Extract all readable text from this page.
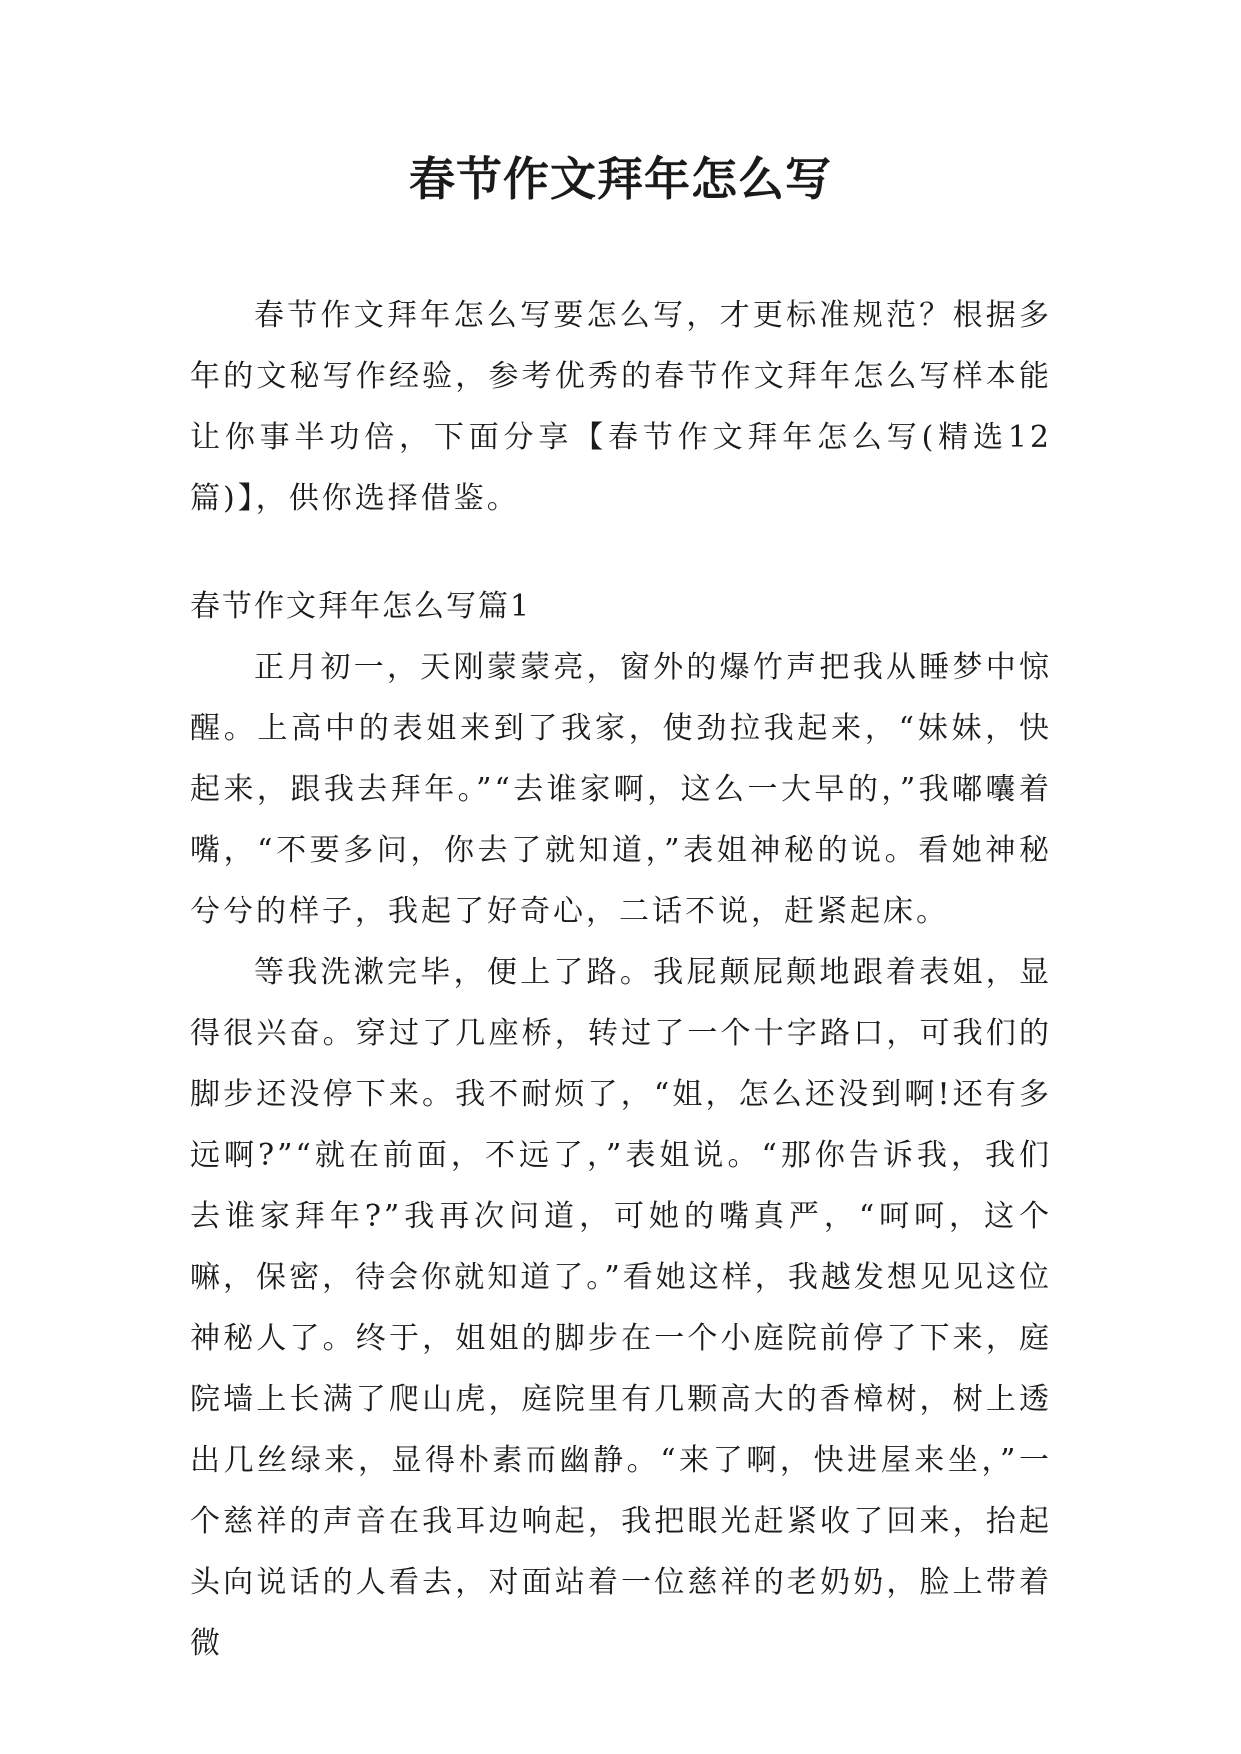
春节作文拜年怎么写

春节作文拜年怎么写要怎么写，才更标准规范？根据多年的文秘写作经验，参考优秀的春节作文拜年怎么写样本能让你事半功倍，下面分享【春节作文拜年怎么写(精选12篇)】，供你选择借鉴。

春节作文拜年怎么写篇1

正月初一，天刚蒙蒙亮，窗外的爆竹声把我从睡梦中惊醒。上高中的表姐来到了我家，使劲拉我起来，“妹妹，快起来，跟我去拜年。”“去谁家啊，这么一大早的，”我嘟囔着嘴，“不要多问，你去了就知道，”表姐神秘的说。看她神秘兮兮的样子，我起了好奇心，二话不说，赶紧起床。

等我洗漱完毕，便上了路。我屁颠屁颠地跟着表姐，显得很兴奋。穿过了几座桥，转过了一个十字路口，可我们的脚步还没停下来。我不耐烦了，“姐，怎么还没到啊!还有多远啊?”“就在前面，不远了，”表姐说。“那你告诉我，我们去谁家拜年?”我再次问道，可她的嘴真严，“呵呵，这个嘛，保密，待会你就知道了。”看她这样，我越发想见见这位神秘人了。终于，姐姐的脚步在一个小庭院前停了下来，庭院墙上长满了爬山虎，庭院里有几颗高大的香樟树，树上透出几丝绿来，显得朴素而幽静。“来了啊，快进屋来坐，”一个慈祥的声音在我耳边响起，我把眼光赶紧收了回来，抬起头向说话的人看去，对面站着一位慈祥的老奶奶，脸上带着微
